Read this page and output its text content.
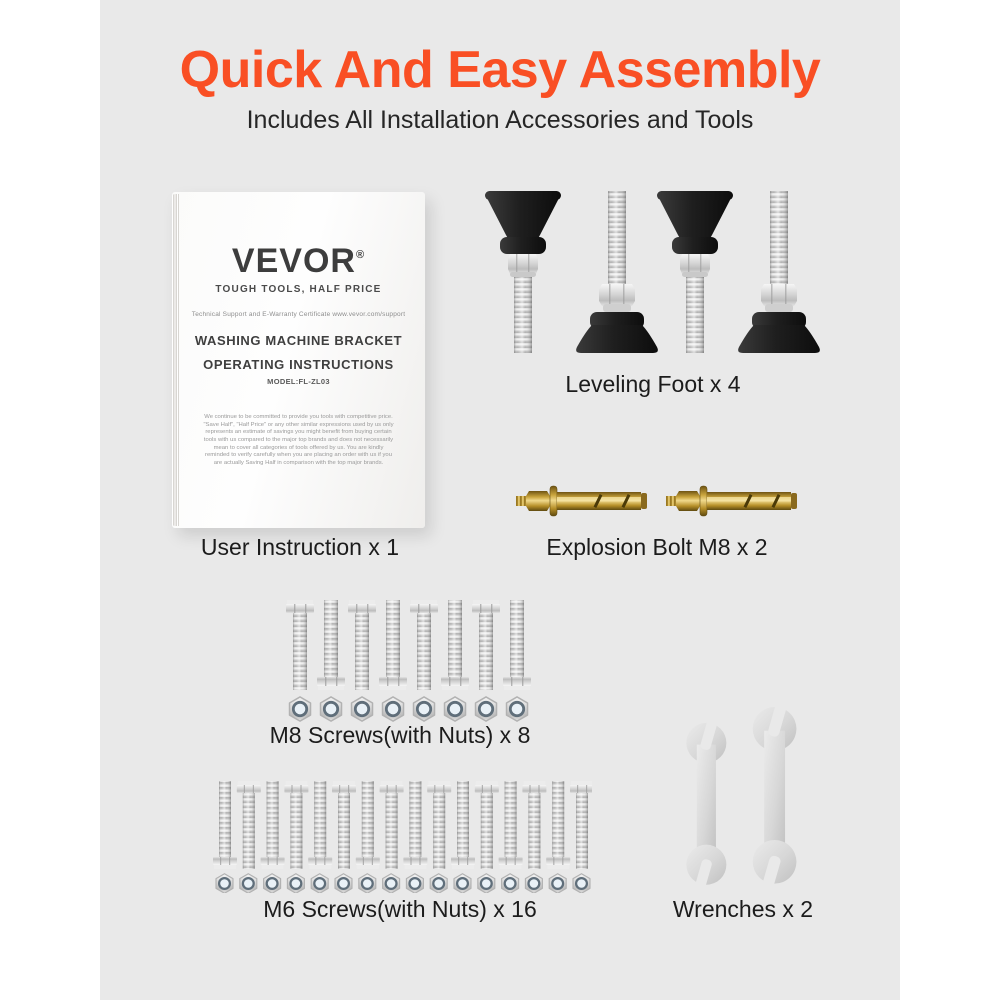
Quick And Easy Assembly
Includes All Installation Accessories and Tools
VEVOR®
TOUGH TOOLS, HALF PRICE
Technical Support and E-Warranty Certificate www.vevor.com/support
WASHING MACHINE BRACKET
OPERATING INSTRUCTIONS
MODEL:FL-ZL03
We continue to be committed to provide you tools with competitive price. "Save Half", "Half Price" or any other similar expressions used by us only represents an estimate of savings you might benefit from buying certain tools with us compared to the major top brands and does not necessarily mean to cover all categories of tools offered by us. You are kindly reminded to verify carefully when you are placing an order with us if you are actually Saving Half in comparison with the top major brands.
User Instruction x 1
Leveling Foot x 4
Explosion Bolt M8 x 2
M8 Screws(with Nuts) x 8
M6 Screws(with Nuts) x 16	Wrenches x 2
